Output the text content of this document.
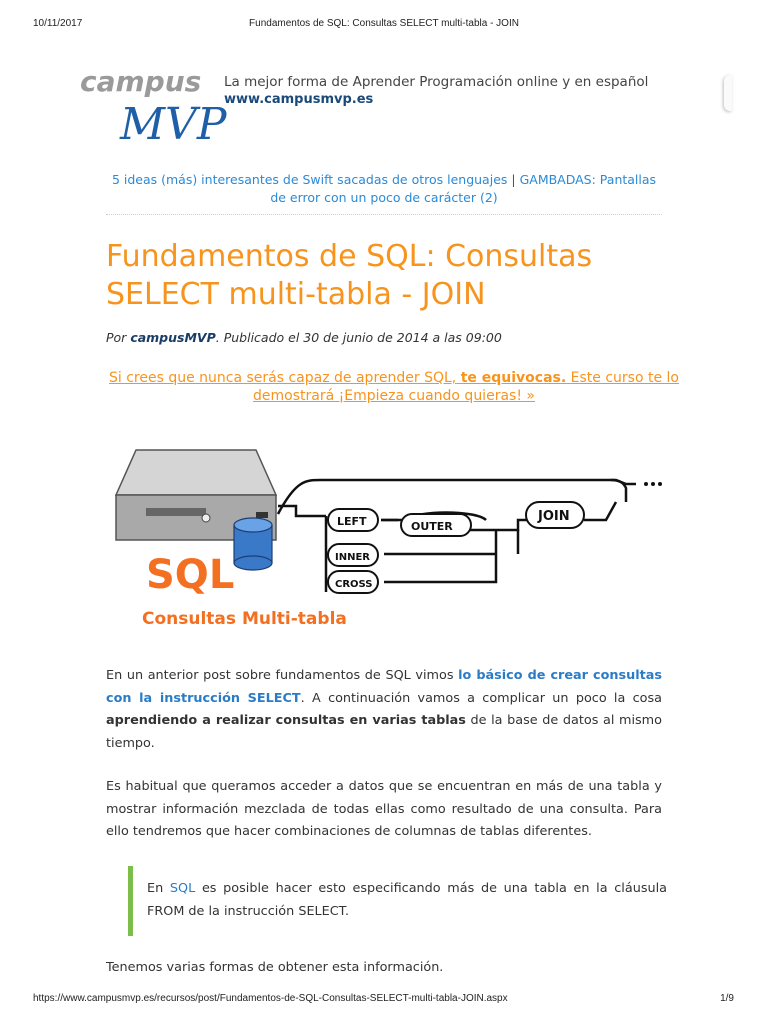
10/11/2017	Fundamentos de SQL: Consultas SELECT multi-tabla - JOIN
campus
MVP
La mejor forma de Aprender Programación online y en español
www.campusmvp.es
5 ideas (más) interesantes de Swift sacadas de otros lenguajes | GAMBADAS: Pantallas de error con un poco de carácter (2)
Fundamentos de SQL: Consultas SELECT multi-tabla - JOIN
Por campusMVP. Publicado el 30 de junio de 2014 a las 09:00
Si crees que nunca serás capaz de aprender SQL, te equivocas. Este curso te lo demostrará ¡Empieza cuando quieras! »
LEFT	OUTER
JOIN
INNER
CROSS
SQL
Consultas Multi-tabla

En un anterior post sobre fundamentos de SQL vimos lo básico de crear consultas con la instrucción SELECT. A continuación vamos a complicar un poco la cosa aprendiendo a realizar consultas en varias tablas de la base de datos al mismo tiempo.

Es habitual que queramos acceder a datos que se encuentran en más de una tabla y mostrar información mezclada de todas ellas como resultado de una consulta. Para ello tendremos que hacer combinaciones de columnas de tablas diferentes.

En SQL es posible hacer esto especificando más de una tabla en la cláusula FROM de la instrucción SELECT.

Tenemos varias formas de obtener esta información.

https://www.campusmvp.es/recursos/post/Fundamentos-de-SQL-Consultas-SELECT-multi-tabla-JOIN.aspx	1/9
